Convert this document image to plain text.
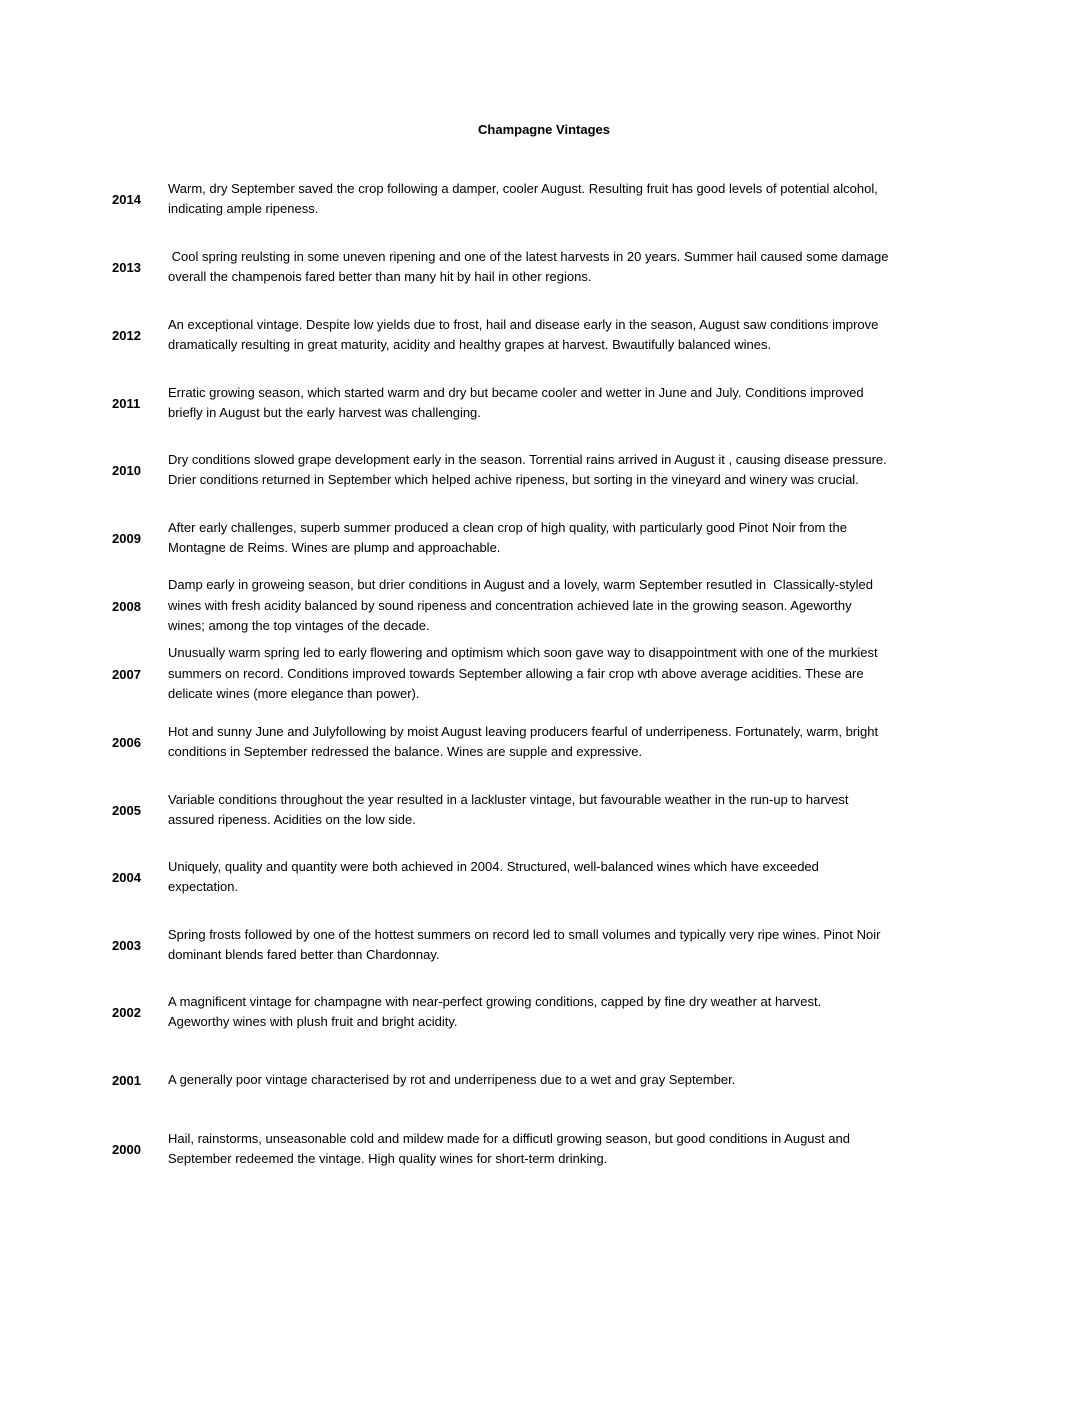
Champagne Vintages
2014
Warm, dry September saved the crop following a damper, cooler August. Resulting fruit has good levels of potential alcohol,
indicating ample ripeness.
2013
Cool spring reulsting in some uneven ripening and one of the latest harvests in 20 years. Summer hail caused some damage
overall the champenois fared better than many hit by hail in other regions.
2012
An exceptional vintage. Despite low yields due to frost, hail and disease early in the season, August saw conditions improve
dramatically resulting in great maturity, acidity and healthy grapes at harvest. Bwautifully balanced wines.
2011
Erratic growing season, which started warm and dry but became cooler and wetter in June and July. Conditions improved
briefly in August but the early harvest was challenging.
2010
Dry conditions slowed grape development early in the season. Torrential rains arrived in August it , causing disease pressure.
Drier conditions returned in September which helped achive ripeness, but sorting in the vineyard and winery was crucial.
2009
After early challenges, superb summer produced a clean crop of high quality, with particularly good Pinot Noir from the
Montagne de Reims. Wines are plump and approachable.
2008
Damp early in groweing season, but drier conditions in August and a lovely, warm September resutled in  Classically-styled
wines with fresh acidity balanced by sound ripeness and concentration achieved late in the growing season. Ageworthy
wines; among the top vintages of the decade.
2007
Unusually warm spring led to early flowering and optimism which soon gave way to disappointment with one of the murkiest
summers on record. Conditions improved towards September allowing a fair crop wth above average acidities. These are
delicate wines (more elegance than power).
2006
Hot and sunny June and Julyfollowing by moist August leaving producers fearful of underripeness. Fortunately, warm, bright
conditions in September redressed the balance. Wines are supple and expressive.
2005
Variable conditions throughout the year resulted in a lackluster vintage, but favourable weather in the run-up to harvest
assured ripeness. Acidities on the low side.
2004
Uniquely, quality and quantity were both achieved in 2004. Structured, well-balanced wines which have exceeded
expectation.
2003
Spring frosts followed by one of the hottest summers on record led to small volumes and typically very ripe wines. Pinot Noir
dominant blends fared better than Chardonnay.
2002
A magnificent vintage for champagne with near-perfect growing conditions, capped by fine dry weather at harvest.
Ageworthy wines with plush fruit and bright acidity.
2001	A generally poor vintage characterised by rot and underripeness due to a wet and gray September.
2000
Hail, rainstorms, unseasonable cold and mildew made for a difficutl growing season, but good conditions in August and
September redeemed the vintage. High quality wines for short-term drinking.
